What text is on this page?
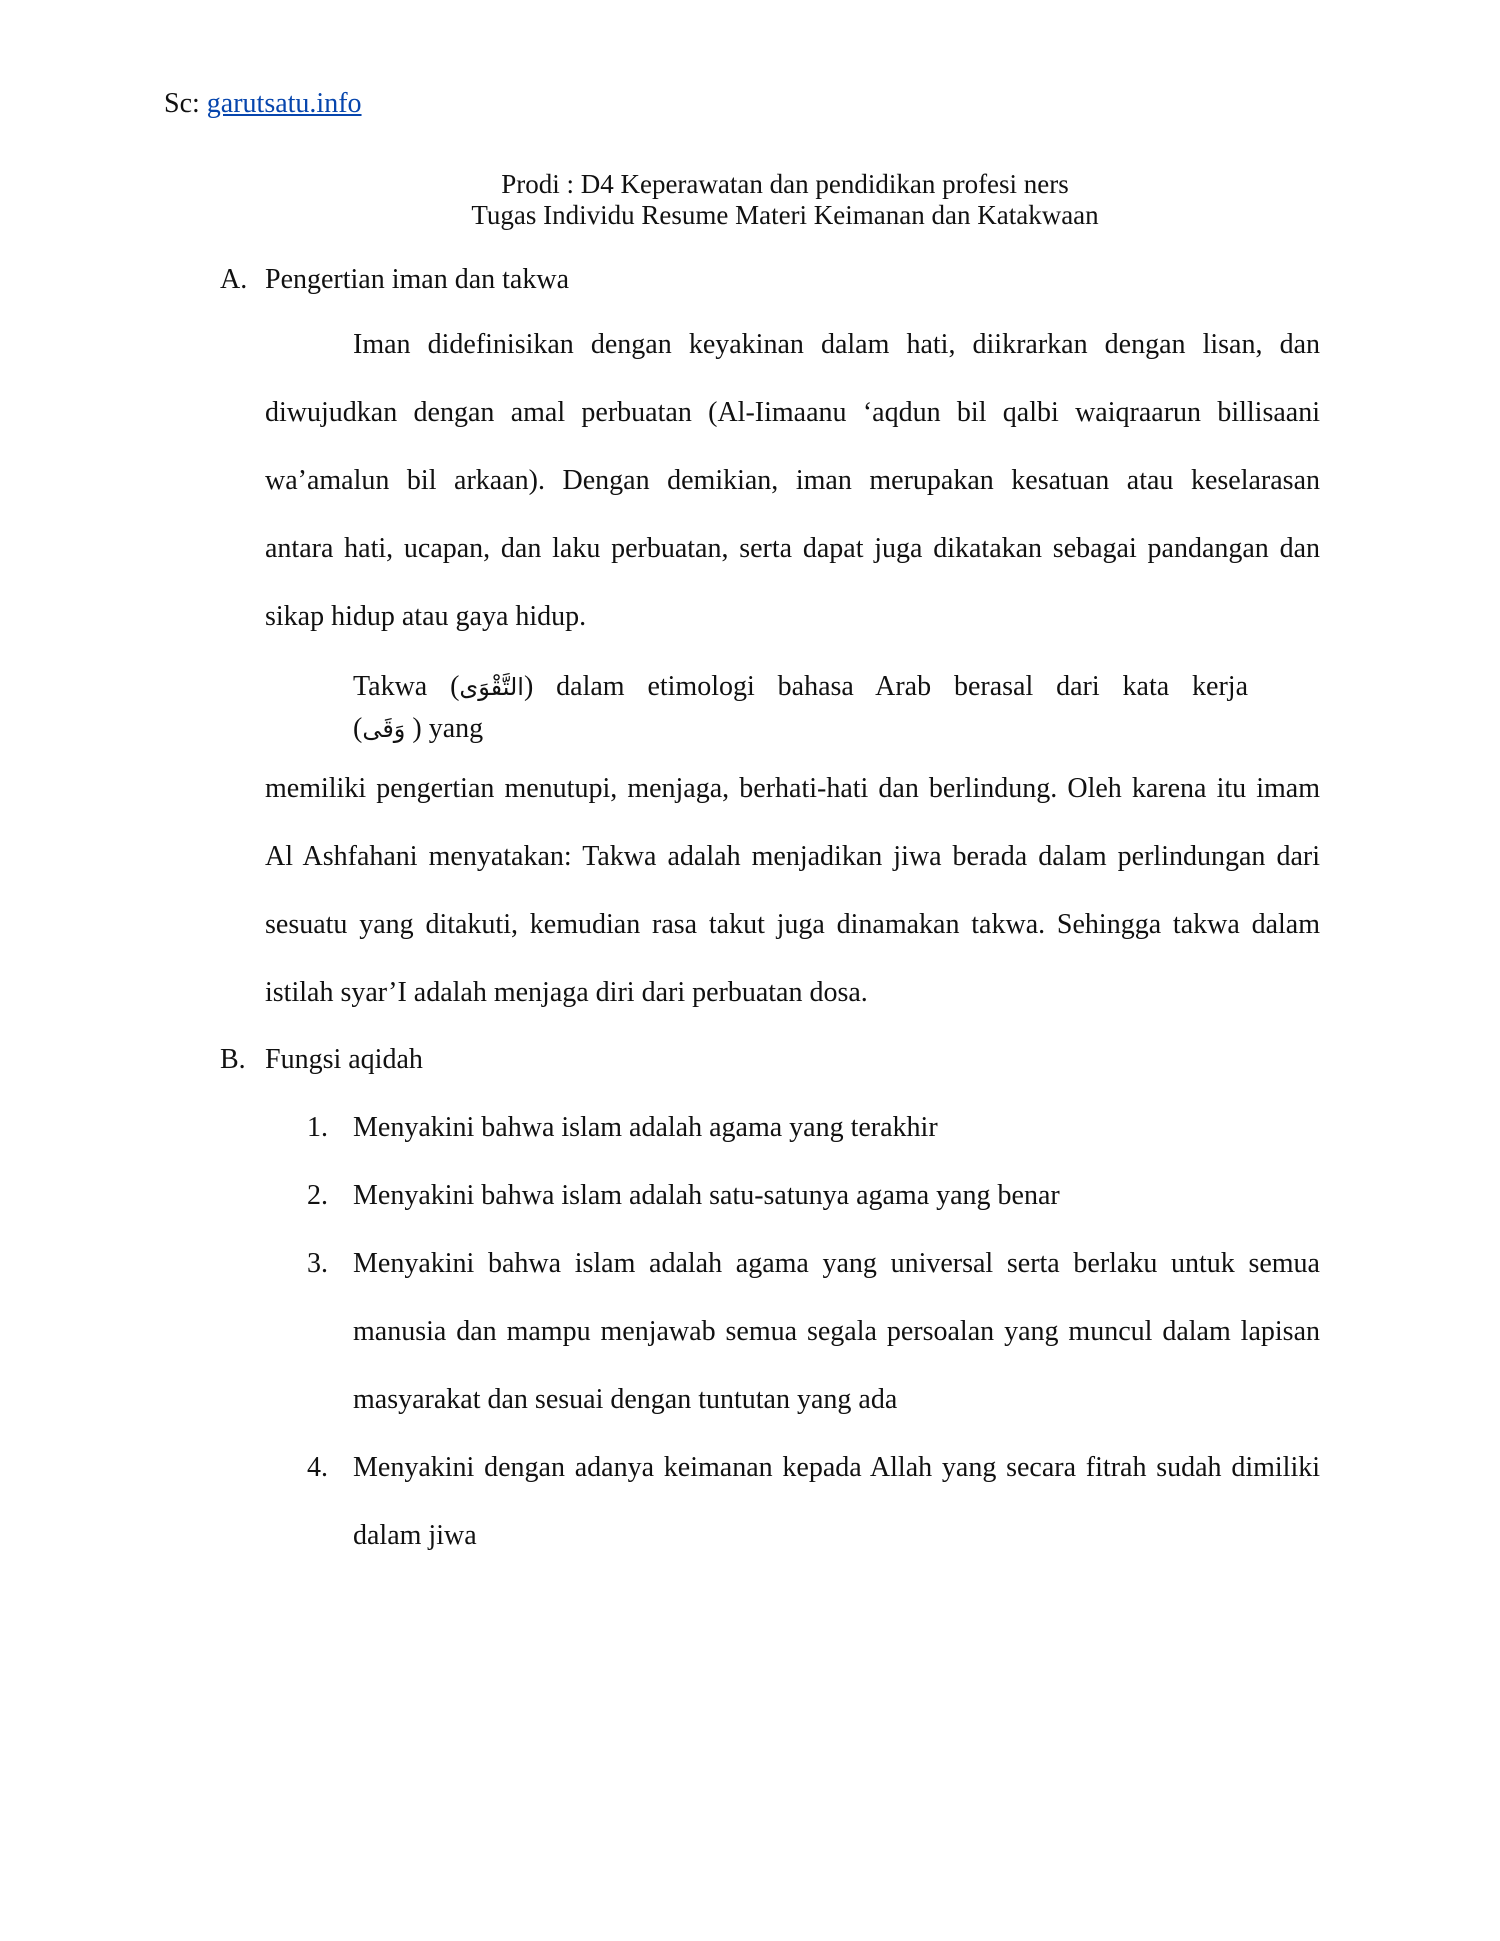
Sc: garutsatu.info
Prodi : D4 Keperawatan dan pendidikan profesi ners
Tugas Individu Resume Materi Keimanan dan Katakwaan
A. Pengertian iman dan takwa
Iman didefinisikan dengan keyakinan dalam hati, diikrarkan dengan lisan, dan
diwujudkan dengan amal perbuatan (Al-Iimaanu ‘aqdun bil qalbi waiqraarun billisaani
wa’amalun bil arkaan). Dengan demikian, iman merupakan kesatuan atau keselarasan
antara hati, ucapan, dan laku perbuatan, serta dapat juga dikatakan sebagai pandangan dan
sikap hidup atau gaya hidup.
Takwa (التَّقْوَى) dalam etimologi bahasa Arab berasal dari kata kerja
(وَقَى ) yang
memiliki pengertian menutupi, menjaga, berhati-hati dan berlindung. Oleh karena itu imam
Al Ashfahani menyatakan: Takwa adalah menjadikan jiwa berada dalam perlindungan dari
sesuatu yang ditakuti, kemudian rasa takut juga dinamakan takwa. Sehingga takwa dalam
istilah syar’I adalah menjaga diri dari perbuatan dosa.
B. Fungsi aqidah
1. Menyakini bahwa islam adalah agama yang terakhir
2. Menyakini bahwa islam adalah satu-satunya agama yang benar
3. Menyakini bahwa islam adalah agama yang universal serta berlaku untuk semua
manusia dan mampu menjawab semua segala persoalan yang muncul dalam lapisan
masyarakat dan sesuai dengan tuntutan yang ada
4. Menyakini dengan adanya keimanan kepada Allah yang secara fitrah sudah dimiliki
dalam jiwa
